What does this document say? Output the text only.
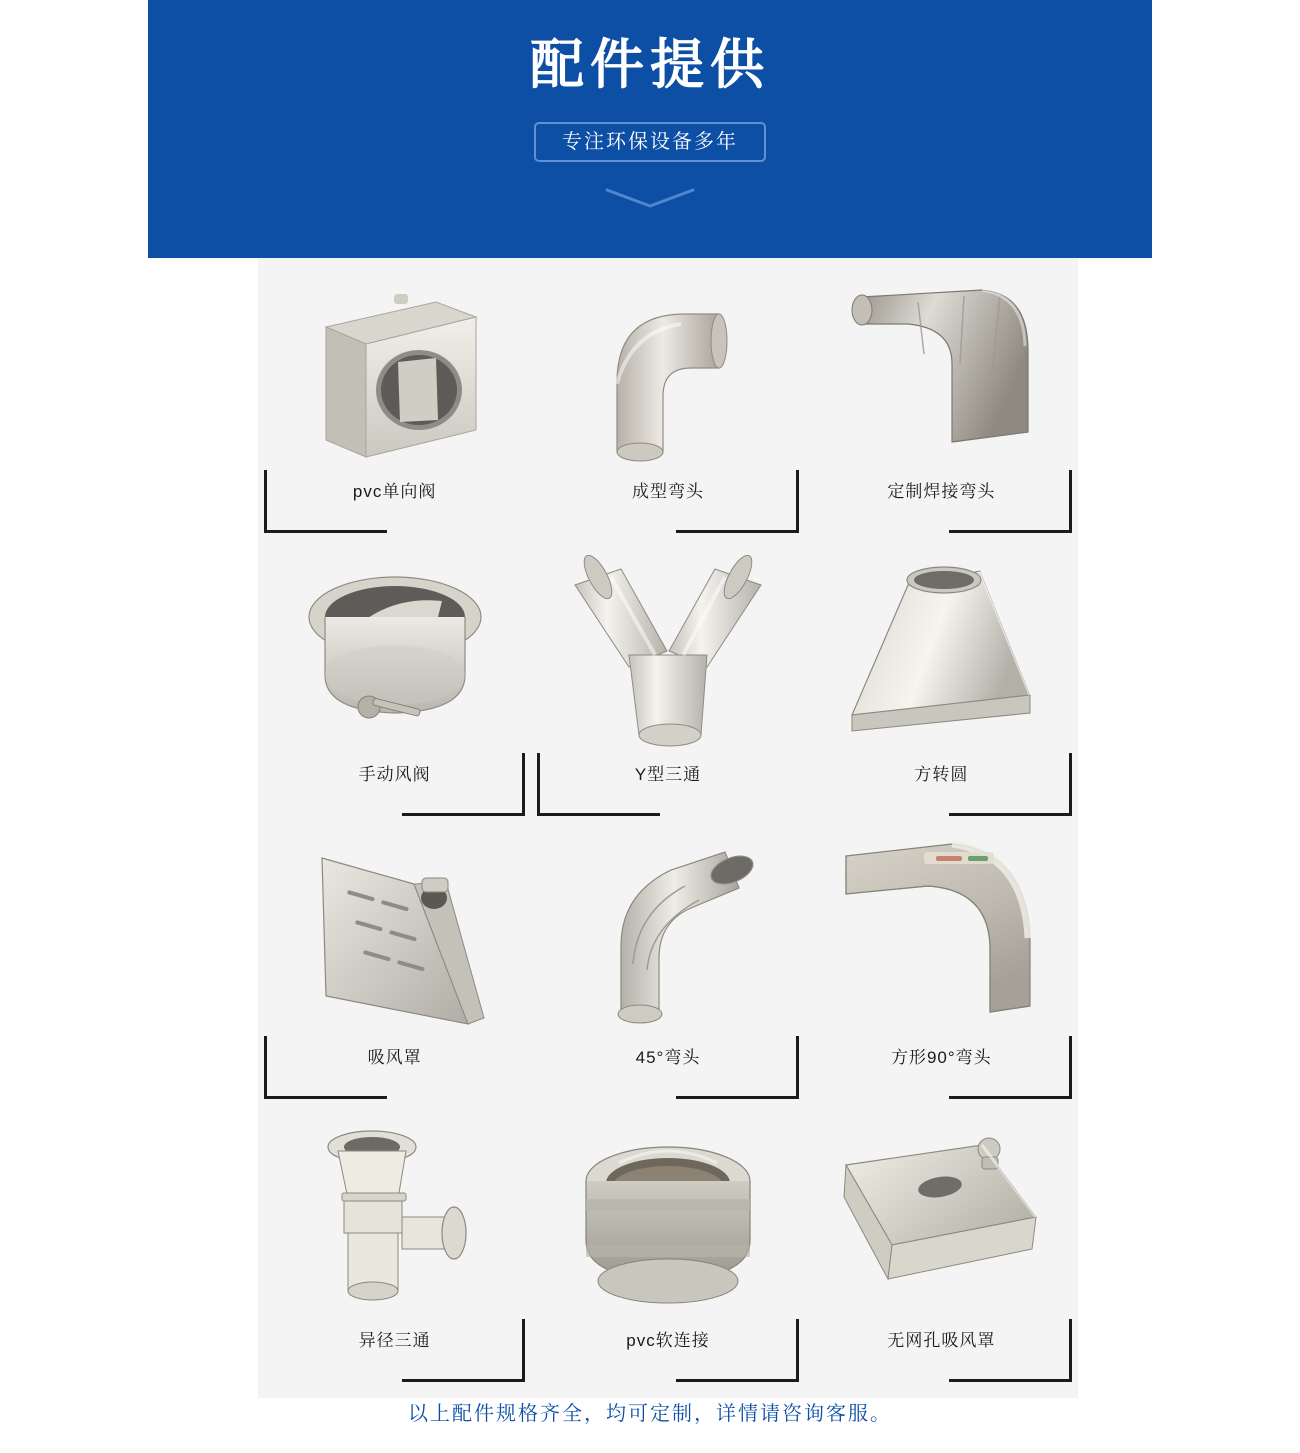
配件提供
专注环保设备多年
pvc单向阀	成型弯头	定制焊接弯头
手动风阀	Y型三通	方转圆
吸风罩	45°弯头	方形90°弯头
异径三通	pvc软连接	无网孔吸风罩
以上配件规格齐全，均可定制，详情请咨询客服。
